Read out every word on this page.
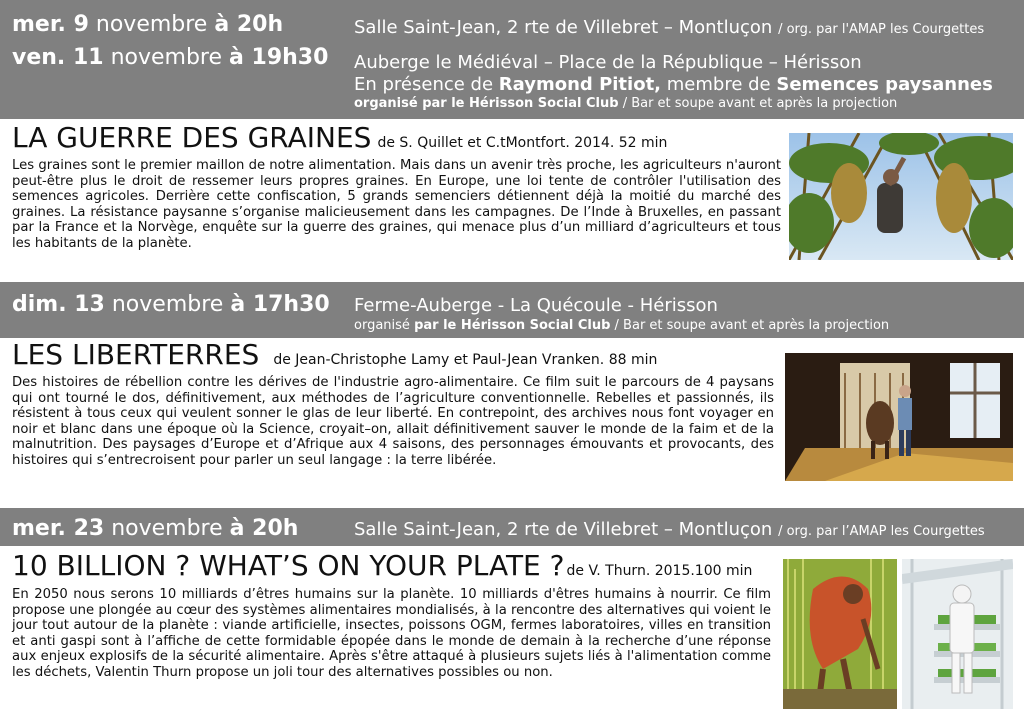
mer. 9 novembre à 20h	Salle Saint-Jean, 2 rte de Villebret – Montluçon / org. par l'AMAP les Courgettes
ven. 11 novembre à 19h30 Auberge le Médiéval – Place de la République – Hérisson
En présence de Raymond Pitiot, membre de Semences paysannes
organisé par le Hérisson Social Club / Bar et soupe avant et après la projection
LA GUERRE DES GRAINES de S. Quillet et C.tMontfort. 2014. 52 min
Les graines sont le premier maillon de notre alimentation. Mais dans un avenir très proche, les agriculteurs n'auront peut-être plus le droit de ressemer leurs propres graines. En Europe, une loi tente de contrôler l'utilisation des semences agricoles. Derrière cette confiscation, 5 grands semenciers détiennent déjà la moitié du marché des graines. La résistance paysanne s’organise malicieusement dans les campagnes. De l’Inde à Bruxelles, en passant par la France et la Norvège, enquête sur la guerre des graines, qui menace plus d’un milliard d’agriculteurs et tous les habitants de la planète.
dim. 13 novembre à 17h30 Ferme-Auberge - La Quécoule - Hérisson
organisé par le Hérisson Social Club / Bar et soupe avant et après la projection
LES LIBERTERRES de Jean-Christophe Lamy et Paul-Jean Vranken. 88 min
Des histoires de rébellion contre les dérives de l'industrie agro-alimentaire. Ce film suit le parcours de 4 paysans qui ont tourné le dos, définitivement, aux méthodes de l’agriculture conventionnelle. Rebelles et passionnés, ils résistent à tous ceux qui veulent sonner le glas de leur liberté. En contrepoint, des archives nous font voyager en noir et blanc dans une époque où la Science, croyait–on, allait définitivement sauver le monde de la faim et de la malnutrition. Des paysages d’Europe et d’Afrique aux 4 saisons, des personnages émouvants et provocants, des histoires qui s’entrecroisent pour parler un seul langage : la terre libérée.
mer. 23 novembre à 20h	Salle Saint-Jean, 2 rte de Villebret – Montluçon / org. par l’AMAP les Courgettes
10 BILLION ? WHAT’S ON YOUR PLATE ? de V. Thurn. 2015.100 min
En 2050 nous serons 10 milliards d’êtres humains sur la planète. 10 milliards d'êtres humains à nourrir. Ce film propose une plongée au cœur des systèmes alimentaires mondialisés, à la rencontre des alternatives qui voient le jour tout autour de la planète : viande artificielle, insectes, poissons OGM, fermes laboratoires, villes en transition et anti gaspi sont à l’affiche de cette formidable épopée dans le monde de demain à la recherche d’une réponse aux enjeux explosifs de la sécurité alimentaire. Après s'être attaqué à plusieurs sujets liés à l'alimentation comme les déchets, Valentin Thurn propose un joli tour des alternatives possibles ou non.
